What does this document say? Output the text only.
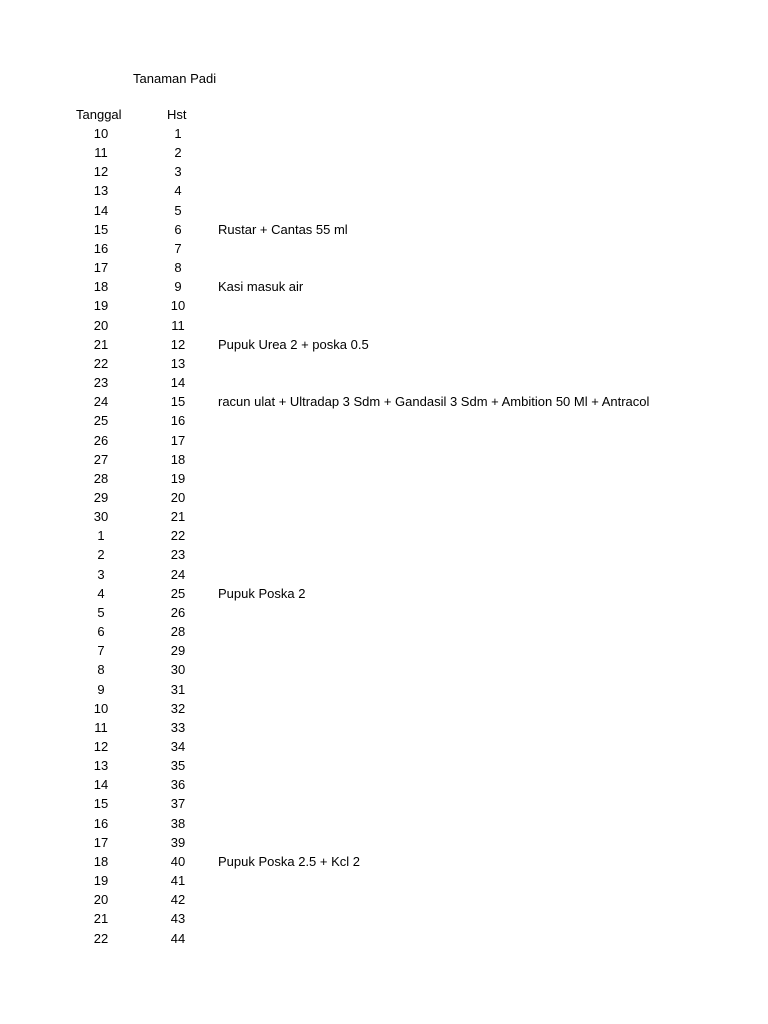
Tanaman Padi
Tanggal	Hst
10	1
11	2
12	3
13	4
14	5
15	6	Rustar + Cantas 55 ml
16	7
17	8
18	9	Kasi masuk air
19	10
20	11
21	12	Pupuk Urea 2 + poska 0.5
22	13
23	14
24	15	racun ulat + Ultradap 3 Sdm + Gandasil 3 Sdm + Ambition 50 Ml + Antracol
25	16
26	17
27	18
28	19
29	20
30	21
1	22
2	23
3	24
4	25	Pupuk Poska 2
5	26
6	28
7	29
8	30
9	31
10	32
11	33
12	34
13	35
14	36
15	37
16	38
17	39
18	40	Pupuk Poska 2.5 + Kcl 2
19	41
20	42
21	43
22	44
